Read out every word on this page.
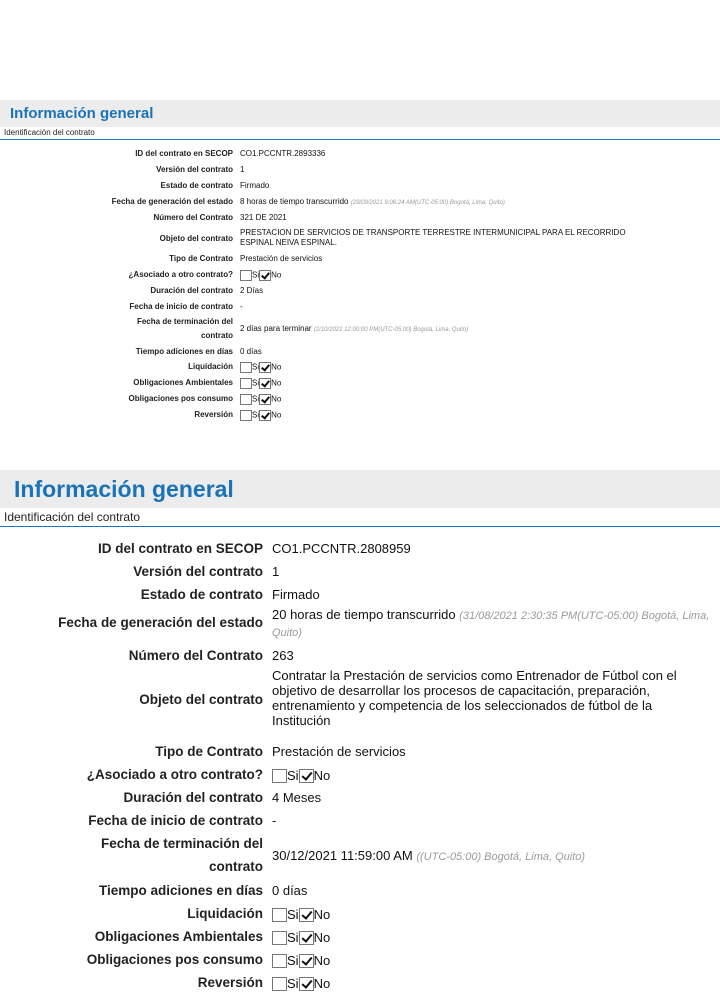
Información general
Identificación del contrato
ID del contrato en SECOP CO1.PCCNTR.2893336
Versión del contrato 1
Estado de contrato Firmado
Fecha de generación del estado 8 horas de tiempo transcurrido (29/09/2021 9:06:24 AM(UTC-05:00) Bogotá, Lima, Quito)
Número del Contrato 321 DE 2021
Objeto del contrato
PRESTACION DE SERVICIOS DE TRANSPORTE TERRESTRE INTERMUNICIPAL PARA EL RECORRIDO ESPINAL NEIVA ESPINAL.
Tipo de Contrato Prestación de servicios
¿Asociado a otro contrato?	Si No
Duración del contrato 2 Días
Fecha de inicio de contrato -
Fecha de terminación del
contrato
2 días para terminar (2/10/2021 12:00:00 PM(UTC-05:00) Bogotá, Lima, Quito)
Tiempo adiciones en días 0 días
Liquidación	Si No
Obligaciones Ambientales	Si No
Obligaciones pos consumo	Si No
Reversión	Si No
Información general
Identificación del contrato
ID del contrato en SECOP CO1.PCCNTR.2808959
Versión del contrato 1
Estado de contrato Firmado
Fecha de generación del estado
20 horas de tiempo transcurrido (31/08/2021 2:30:35 PM(UTC-05:00) Bogotá, Lima, Quito)
Número del Contrato 263
Objeto del contrato
Contratar la Prestación de servicios como Entrenador de Fútbol con el objetivo de desarrollar los procesos de capacitación, preparación, entrenamiento y competencia de los seleccionados de fútbol de la Institución
Tipo de Contrato Prestación de servicios
¿Asociado a otro contrato?	Si No
Duración del contrato 4 Meses
Fecha de inicio de contrato -
Fecha de terminación del
contrato
30/12/2021 11:59:00 AM ((UTC-05:00) Bogotá, Lima, Quito)
Tiempo adiciones en días 0 días
Liquidación	Si No
Obligaciones Ambientales	Si No
Obligaciones pos consumo	Si No
Reversión	Si No
